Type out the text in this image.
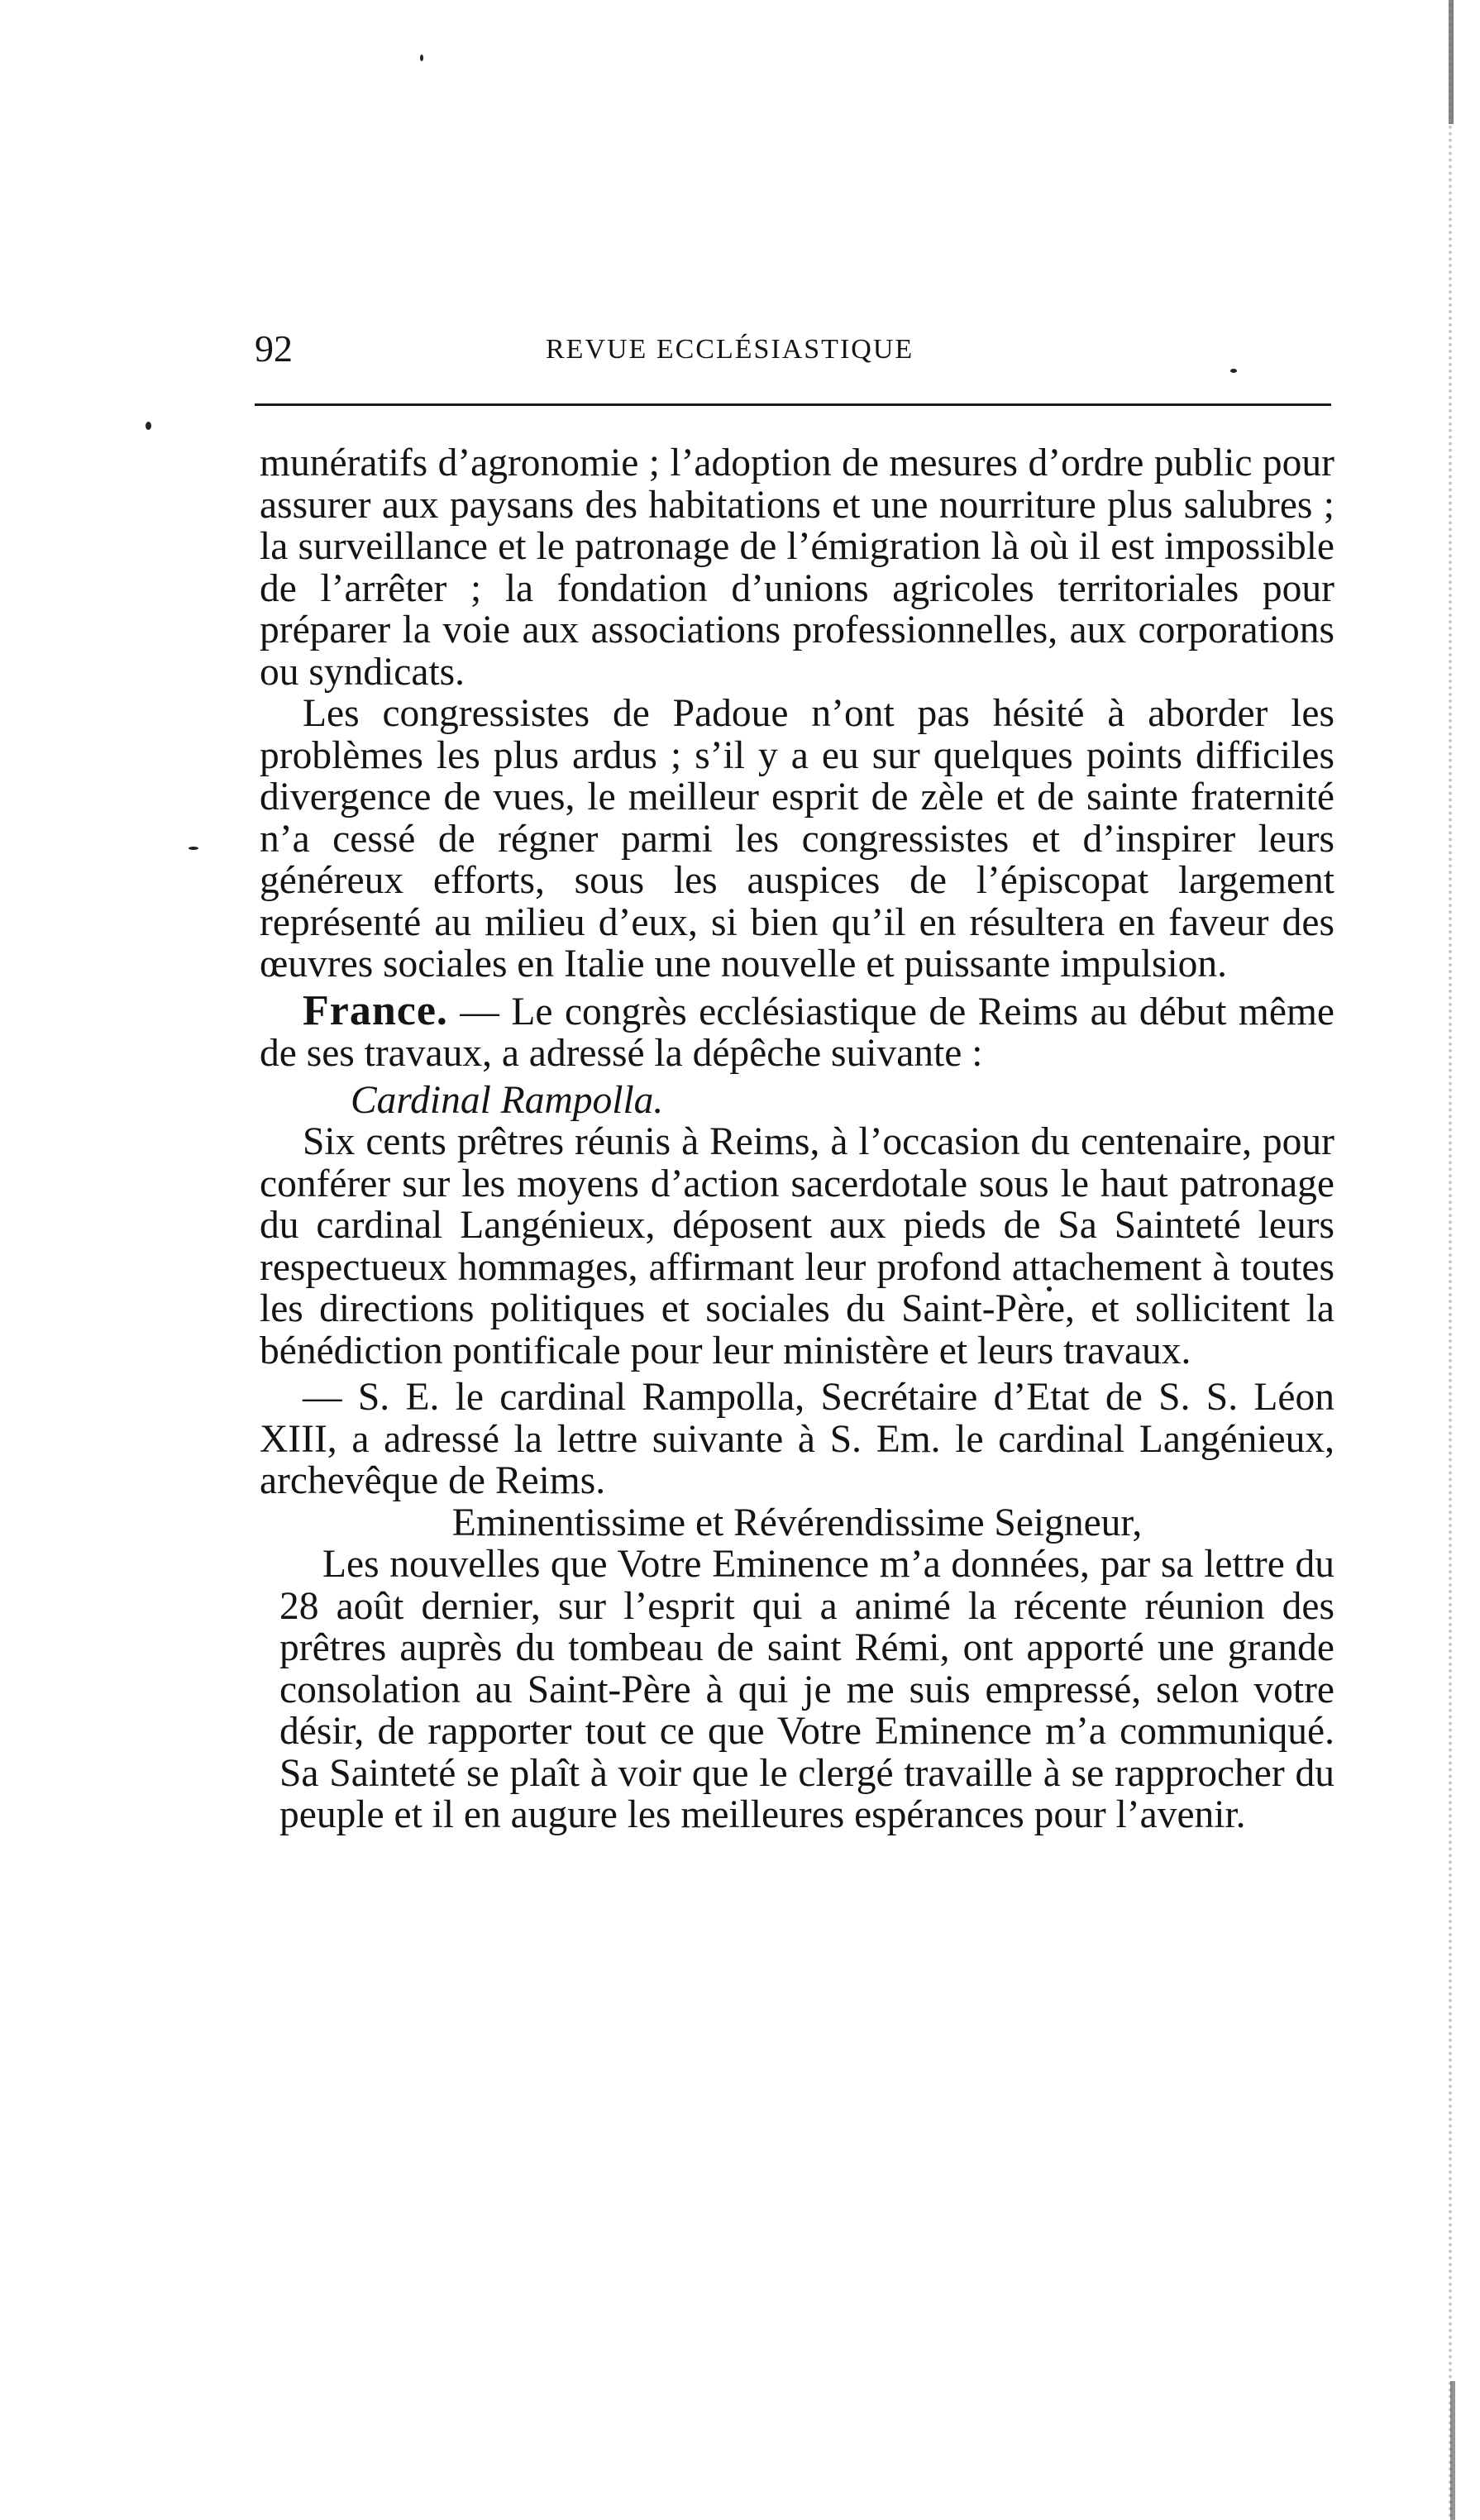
92	REVUE ECCLÉSIASTIQUE

munératifs d’agronomie ; l’adoption de mesures d’ordre public pour assurer aux paysans des habitations et une nourriture plus salubres ; la surveillance et le patronage de l’émigration là où il est impossible de l’arrêter ; la fondation d’unions agricoles territoriales pour préparer la voie aux associations professionnelles, aux corporations ou syndicats.

Les congressistes de Padoue n’ont pas hésité à aborder les problèmes les plus ardus ; s’il y a eu sur quelques points difficiles divergence de vues, le meilleur esprit de zèle et de sainte fraternité n’a cessé de régner parmi les congressistes et d’inspirer leurs généreux efforts, sous les auspices de l’épiscopat largement représenté au milieu d’eux, si bien qu’il en résultera en faveur des œuvres sociales en Italie une nouvelle et puissante impulsion.

France. — Le congrès ecclésiastique de Reims au début même de ses travaux, a adressé la dépêche suivante :

Cardinal Rampolla.

Six cents prêtres réunis à Reims, à l’occasion du centenaire, pour conférer sur les moyens d’action sacerdotale sous le haut patronage du cardinal Langénieux, déposent aux pieds de Sa Sainteté leurs respectueux hommages, affirmant leur profond attachement à toutes les directions politiques et sociales du Saint-Père, et sollicitent la bénédiction pontificale pour leur ministère et leurs travaux.

— S. E. le cardinal Rampolla, Secrétaire d’Etat de S. S. Léon XIII, a adressé la lettre suivante à S. Em. le cardinal Langénieux, archevêque de Reims.

Eminentissime et Révérendissime Seigneur,

Les nouvelles que Votre Eminence m’a données, par sa lettre du 28 août dernier, sur l’esprit qui a animé la récente réunion des prêtres auprès du tombeau de saint Rémi, ont apporté une grande consolation au Saint-Père à qui je me suis empressé, selon votre désir, de rapporter tout ce que Votre Eminence m’a communiqué. Sa Sainteté se plaît à voir que le clergé travaille à se rapprocher du peuple et il en augure les meilleures espérances pour l’avenir.
